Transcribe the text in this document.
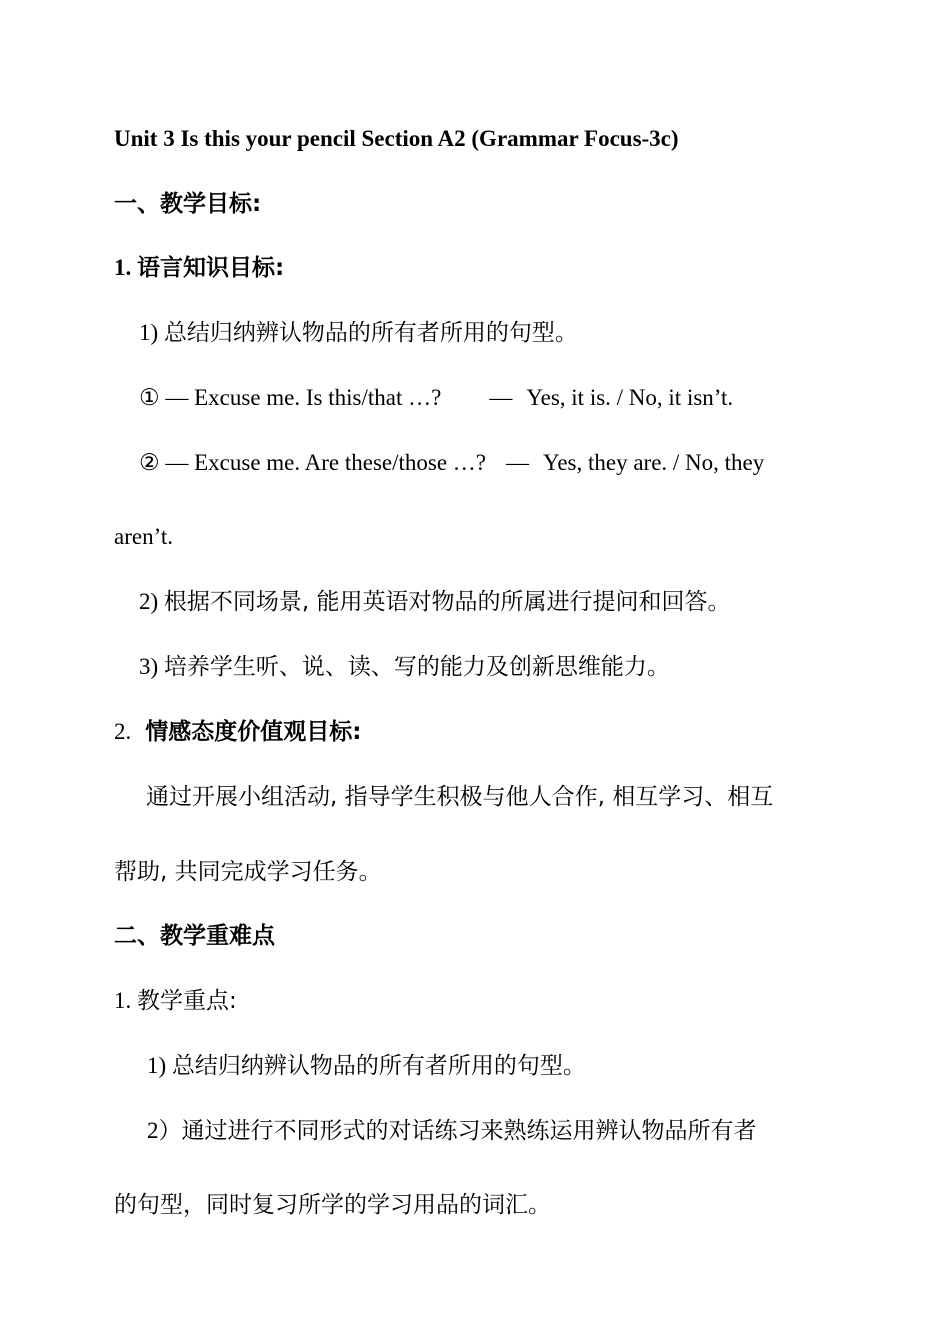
Unit 3 Is this your pencil Section A2 (Grammar Focus-3c)
一、教学目标:
1. 语言知识目标:
1) 总结归纳辨认物品的所有者所用的句型。
① — Excuse me. Is this/that …? — Yes, it is. / No, it isn’t.
② — Excuse me. Are these/those …? — Yes, they are. / No, they
aren’t.
2) 根据不同场景, 能用英语对物品的所属进行提问和回答。
3) 培养学生听、说、读、写的能力及创新思维能力。
2. 情感态度价值观目标:
通过开展小组活动, 指导学生积极与他人合作, 相互学习、相互
帮助, 共同完成学习任务。
二、教学重难点
1. 教学重点:
1) 总结归纳辨认物品的所有者所用的句型。
2）通过进行不同形式的对话练习来熟练运用辨认物品所有者
的句型，同时复习所学的学习用品的词汇。
